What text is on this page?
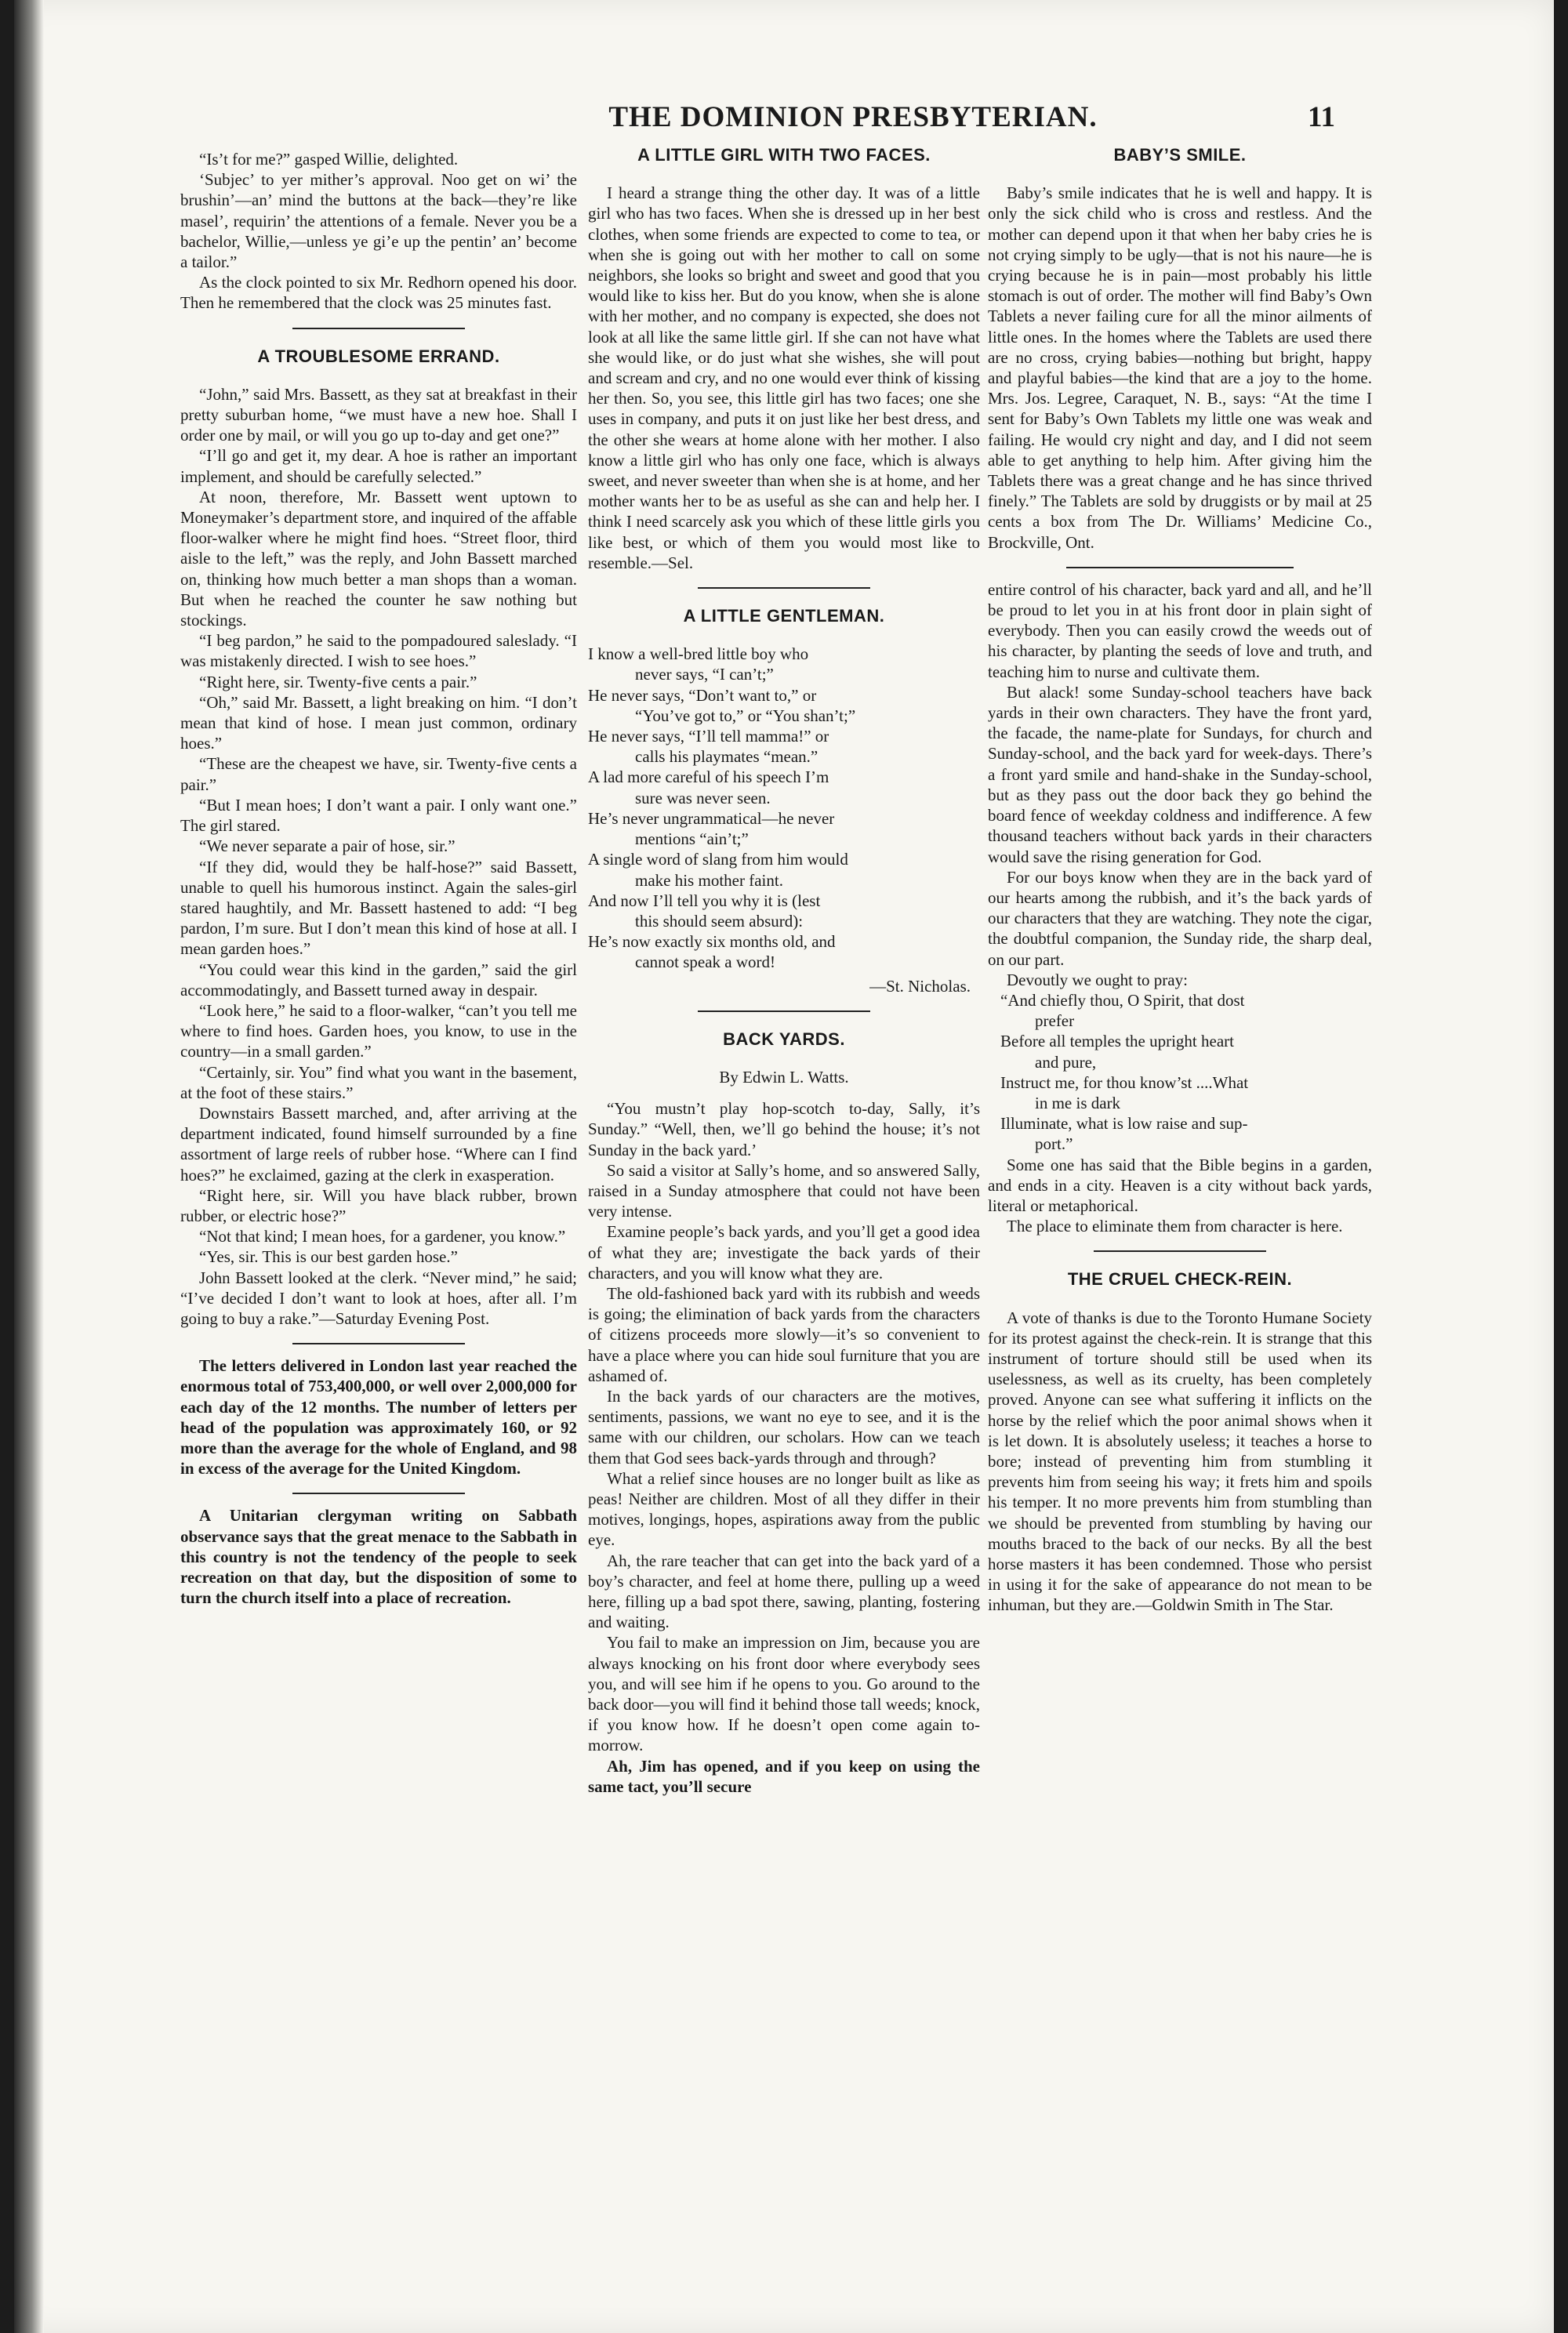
THE DOMINION PRESBYTERIAN.	11

“Is’t for me?” gasped Willie, delighted.

‘Subjec’ to yer mither’s approval. Noo get on wi’ the brushin’—an’ mind the buttons at the back—they’re like masel’, requirin’ the attentions of a female. Never you be a bachelor, Willie,—unless ye gi’e up the pentin’ an’ become a tailor.”

As the clock pointed to six Mr. Redhorn opened his door. Then he remembered that the clock was 25 minutes fast.

A TROUBLESOME ERRAND.

“John,” said Mrs. Bassett, as they sat at breakfast in their pretty suburban home, “we must have a new hoe. Shall I order one by mail, or will you go up to-day and get one?”

“I’ll go and get it, my dear. A hoe is rather an important implement, and should be carefully selected.”

At noon, therefore, Mr. Bassett went uptown to Moneymaker’s department store, and inquired of the affable floor-walker where he might find hoes. “Street floor, third aisle to the left,” was the reply, and John Bassett marched on, thinking how much better a man shops than a woman. But when he reached the counter he saw nothing but stockings.

“I beg pardon,” he said to the pompadoured saleslady. “I was mistakenly directed. I wish to see hoes.”

“Right here, sir. Twenty-five cents a pair.”

“Oh,” said Mr. Bassett, a light breaking on him. “I don’t mean that kind of hose. I mean just common, ordinary hoes.”

“These are the cheapest we have, sir. Twenty-five cents a pair.”

“But I mean hoes; I don’t want a pair. I only want one.” The girl stared.

“We never separate a pair of hose, sir.”

“If they did, would they be half-hose?” said Bassett, unable to quell his humorous instinct. Again the sales-girl stared haughtily, and Mr. Bassett hastened to add: “I beg pardon, I’m sure. But I don’t mean this kind of hose at all. I mean garden hoes.”

“You could wear this kind in the garden,” said the girl accommodatingly, and Bassett turned away in despair.

“Look here,” he said to a floor-walker, “can’t you tell me where to find hoes. Garden hoes, you know, to use in the country—in a small garden.”

“Certainly, sir. You” find what you want in the basement, at the foot of these stairs.”

Downstairs Bassett marched, and, after arriving at the department indicated, found himself surrounded by a fine assortment of large reels of rubber hose. “Where can I find hoes?” he exclaimed, gazing at the clerk in exasperation.

“Right here, sir. Will you have black rubber, brown rubber, or electric hose?”

“Not that kind; I mean hoes, for a gardener, you know.”

“Yes, sir. This is our best garden hose.”

John Bassett looked at the clerk. “Never mind,” he said; “I’ve decided I don’t want to look at hoes, after all. I’m going to buy a rake.”—Saturday Evening Post.

The letters delivered in London last year reached the enormous total of 753,400,000, or well over 2,000,000 for each day of the 12 months. The number of letters per head of the population was approximately 160, or 92 more than the average for the whole of England, and 98 in excess of the average for the United Kingdom.

A Unitarian clergyman writing on Sabbath observance says that the great menace to the Sabbath in this country is not the tendency of the people to seek recreation on that day, but the disposition of some to turn the church itself into a place of recreation.

A LITTLE GIRL WITH TWO FACES.

I heard a strange thing the other day. It was of a little girl who has two faces. When she is dressed up in her best clothes, when some friends are expected to come to tea, or when she is going out with her mother to call on some neighbors, she looks so bright and sweet and good that you would like to kiss her. But do you know, when she is alone with her mother, and no company is expected, she does not look at all like the same little girl. If she can not have what she would like, or do just what she wishes, she will pout and scream and cry, and no one would ever think of kissing her then. So, you see, this little girl has two faces; one she uses in company, and puts it on just like her best dress, and the other she wears at home alone with her mother. I also know a little girl who has only one face, which is always sweet, and never sweeter than when she is at home, and her mother wants her to be as useful as she can and help her. I think I need scarcely ask you which of these little girls you like best, or which of them you would most like to resemble.—Sel.

A LITTLE GENTLEMAN.
I know a well-bred little boy who
never says, “I can’t;”
He never says, “Don’t want to,” or
“You’ve got to,” or “You shan’t;”
He never says, “I’ll tell mamma!” or
calls his playmates “mean.”
A lad more careful of his speech I’m
sure was never seen.
He’s never ungrammatical—he never
mentions “ain’t;”
A single word of slang from him would
make his mother faint.
And now I’ll tell you why it is (lest
this should seem absurd):
He’s now exactly six months old, and
cannot speak a word!
—St. Nicholas.
BACK YARDS.
By Edwin L. Watts.

“You mustn’t play hop-scotch to-day, Sally, it’s Sunday.” “Well, then, we’ll go behind the house; it’s not Sunday in the back yard.’

So said a visitor at Sally’s home, and so answered Sally, raised in a Sunday atmosphere that could not have been very intense.

Examine people’s back yards, and you’ll get a good idea of what they are; investigate the back yards of their characters, and you will know what they are.

The old-fashioned back yard with its rubbish and weeds is going; the elimination of back yards from the characters of citizens proceeds more slowly—it’s so convenient to have a place where you can hide soul furniture that you are ashamed of.

In the back yards of our characters are the motives, sentiments, passions, we want no eye to see, and it is the same with our children, our scholars. How can we teach them that God sees back-yards through and through?

What a relief since houses are no longer built as like as peas! Neither are children. Most of all they differ in their motives, longings, hopes, aspirations away from the public eye.

Ah, the rare teacher that can get into the back yard of a boy’s character, and feel at home there, pulling up a weed here, filling up a bad spot there, sawing, planting, fostering and waiting.

You fail to make an impression on Jim, because you are always knocking on his front door where everybody sees you, and will see him if he opens to you. Go around to the back door—you will find it behind those tall weeds; knock, if you know how. If he doesn’t open come again to-morrow.

Ah, Jim has opened, and if you keep on using the same tact, you’ll secure

BABY’S SMILE.

Baby’s smile indicates that he is well and happy. It is only the sick child who is cross and restless. And the mother can depend upon it that when her baby cries he is not crying simply to be ugly—that is not his naure—he is crying because he is in pain—most probably his little stomach is out of order. The mother will find Baby’s Own Tablets a never failing cure for all the minor ailments of little ones. In the homes where the Tablets are used there are no cross, crying babies—nothing but bright, happy and playful babies—the kind that are a joy to the home. Mrs. Jos. Legree, Caraquet, N. B., says: “At the time I sent for Baby’s Own Tablets my little one was weak and failing. He would cry night and day, and I did not seem able to get anything to help him. After giving him the Tablets there was a great change and he has since thrived finely.” The Tablets are sold by druggists or by mail at 25 cents a box from The Dr. Williams’ Medicine Co., Brockville, Ont.

entire control of his character, back yard and all, and he’ll be proud to let you in at his front door in plain sight of everybody. Then you can easily crowd the weeds out of his character, by planting the seeds of love and truth, and teaching him to nurse and cultivate them.

But alack! some Sunday-school teachers have back yards in their own characters. They have the front yard, the facade, the name-plate for Sundays, for church and Sunday-school, and the back yard for week-days. There’s a front yard smile and hand-shake in the Sunday-school, but as they pass out the door back they go behind the board fence of weekday coldness and indifference. A few thousand teachers without back yards in their characters would save the rising generation for God.

For our boys know when they are in the back yard of our hearts among the rubbish, and it’s the back yards of our characters that they are watching. They note the cigar, the doubtful companion, the Sunday ride, the sharp deal, on our part.

Devoutly we ought to pray:

“And chiefly thou, O Spirit, that dost
prefer
Before all temples the upright heart
and pure,
Instruct me, for thou know’st ....What
in me is dark
Illuminate, what is low raise and sup-
port.”

Some one has said that the Bible begins in a garden, and ends in a city. Heaven is a city without back yards, literal or metaphorical.

The place to eliminate them from character is here.

THE CRUEL CHECK-REIN.

A vote of thanks is due to the Toronto Humane Society for its protest against the check-rein. It is strange that this instrument of torture should still be used when its uselessness, as well as its cruelty, has been completely proved. Anyone can see what suffering it inflicts on the horse by the relief which the poor animal shows when it is let down. It is absolutely useless; it teaches a horse to bore; instead of preventing him from stumbling it prevents him from seeing his way; it frets him and spoils his temper. It no more prevents him from stumbling than we should be prevented from stumbling by having our mouths braced to the back of our necks. By all the best horse masters it has been condemned. Those who persist in using it for the sake of appearance do not mean to be inhuman, but they are.—Goldwin Smith in The Star.
